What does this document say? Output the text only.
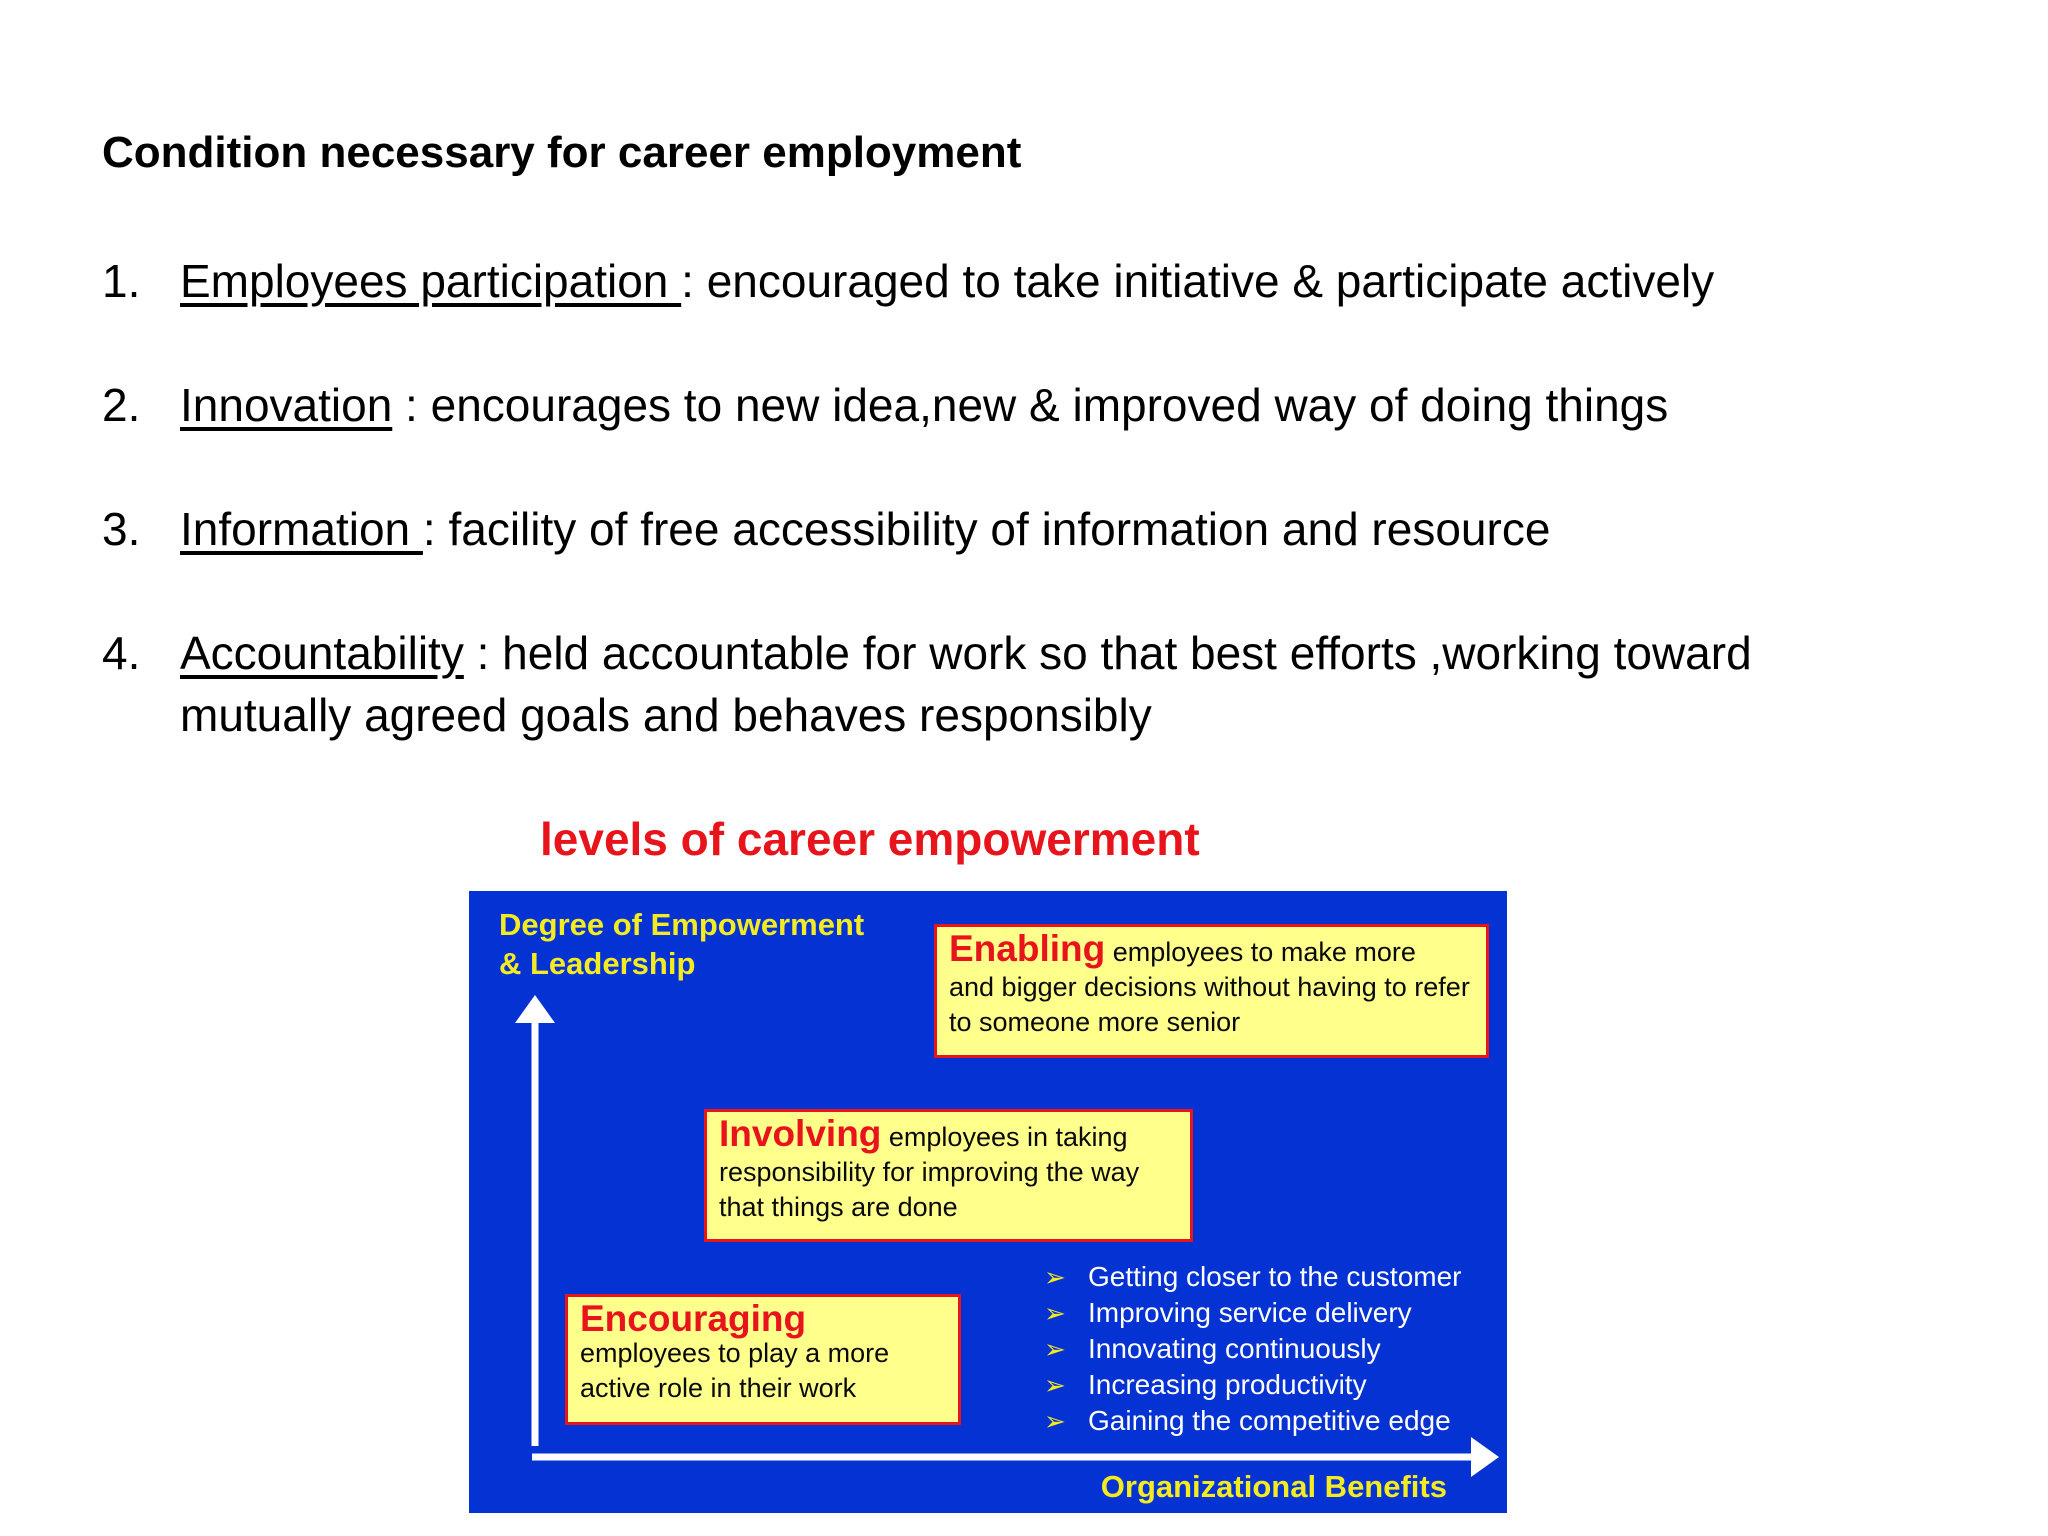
Condition necessary for career employment
1. Employees participation : encouraged to take initiative & participate actively
2. Innovation : encourages to new idea,new & improved way of doing things
3. Information : facility of free accessibility of information and resource
4. Accountability : held accountable for work so that best efforts ,working toward
mutually agreed goals and behaves responsibly
levels of career empowerment
Degree of Empowerment
& Leadership	Enabling employees to make more
and bigger decisions without having to refer to someone more senior
Involving employees in taking
responsibility for improving the way that things are done
Encouraging
employees to play a more active role in their work
➢ Getting closer to the customer
➢ Improving service delivery
➢ Innovating continuously
➢ Increasing productivity
➢ Gaining the competitive edge
Organizational Benefits
